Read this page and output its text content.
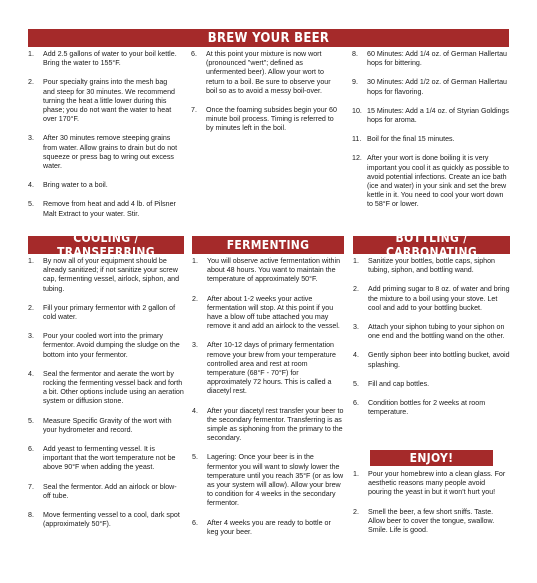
BREW YOUR BEER
1. Add 2.5 gallons of water to your boil kettle. Bring the water to 155°F.
2. Pour specialty grains into the mesh bag and steep for 30 minutes. We recommend turning the heat a little lower during this phase; you do not want the water to heat over 170°F.
3. After 30 minutes remove steeping grains from water. Allow grains to drain but do not squeeze or press bag to wring out excess water.
4. Bring water to a boil.
5. Remove from heat and add 4 lb. of Pilsner Malt Extract to your water. Stir.
6. At this point your mixture is now wort (pronounced "wert"; defined as unfermented beer). Allow your wort to return to a boil. Be sure to observe your boil so as to avoid a messy boil-over.
7. Once the foaming subsides begin your 60 minute boil process. Timing is referred to by minutes left in the boil.
8. 60 Minutes: Add 1/4 oz. of German Hallertau hops for bittering.
9. 30 Minutes: Add 1/2 oz. of German Hallertau hops for flavoring.
10. 15 Minutes: Add a 1/4 oz. of Styrian Goldings hops for aroma.
11. Boil for the final 15 minutes.
12. After your wort is done boiling it is very important you cool it as quickly as possible to avoid potential infections. Create an ice bath (ice and water) in your sink and set the brew kettle in it. You need to cool your wort down to 58°F or lower.
COOLING / TRANSFERRING
1. By now all of your equipment should be already sanitized; if not sanitize your screw cap, fermenting vessel, airlock, siphon, and tubing.
2. Fill your primary fermentor with 2 gallon of cold water.
3. Pour your cooled wort into the primary fermentor. Avoid dumping the sludge on the bottom into your fermentor.
4. Seal the fermentor and aerate the wort by rocking the fermenting vessel back and forth a bit. Other options include using an aeration system or diffusion stone.
5. Measure Specific Gravity of the wort with your hydrometer and record.
6. Add yeast to fermenting vessel. It is important that the wort temperature not be above 90°F when adding the yeast.
7. Seal the fermentor. Add an airlock or blow-off tube.
8. Move fermenting vessel to a cool, dark spot (approximately 50°F).
FERMENTING
1. You will observe active fermentation within about 48 hours. You want to maintain the temperature of approximately 50°F.
2. After about 1-2 weeks your active fermentation will stop. At this point if you have a blow off tube attached you may remove it and add an airlock to the vessel.
3. After 10-12 days of primary fermentation remove your brew from your temperature controlled area and rest at room temperature (68°F - 70°F) for approximately 72 hours. This is called a diacetyl rest.
4. After your diacetyl rest transfer your beer to the secondary fermentor. Transferring is as simple as siphoning from the primary to the secondary.
5. Lagering: Once your beer is in the fermentor you will want to slowly lower the temperature until you reach 35°F (or as low as your system will allow). Allow your brew to condition for 4 weeks in the secondary fermentor.
6. After 4 weeks you are ready to bottle or keg your beer.
BOTTLING / CARBONATING
1. Sanitize your bottles, bottle caps, siphon tubing, siphon, and bottling wand.
2. Add priming sugar to 8 oz. of water and bring the mixture to a boil using your stove. Let cool and add to your bottling bucket.
3. Attach your siphon tubing to your siphon on one end and the bottling wand on the other.
4. Gently siphon beer into bottling bucket, avoid splashing.
5. Fill and cap bottles.
6. Condition bottles for 2 weeks at room temperature.
ENJOY!
1. Pour your homebrew into a clean glass. For aesthetic reasons many people avoid pouring the yeast in but it won't hurt you!
2. Smell the beer, a few short sniffs. Taste. Allow beer to cover the tongue, swallow. Smile. Life is good.
